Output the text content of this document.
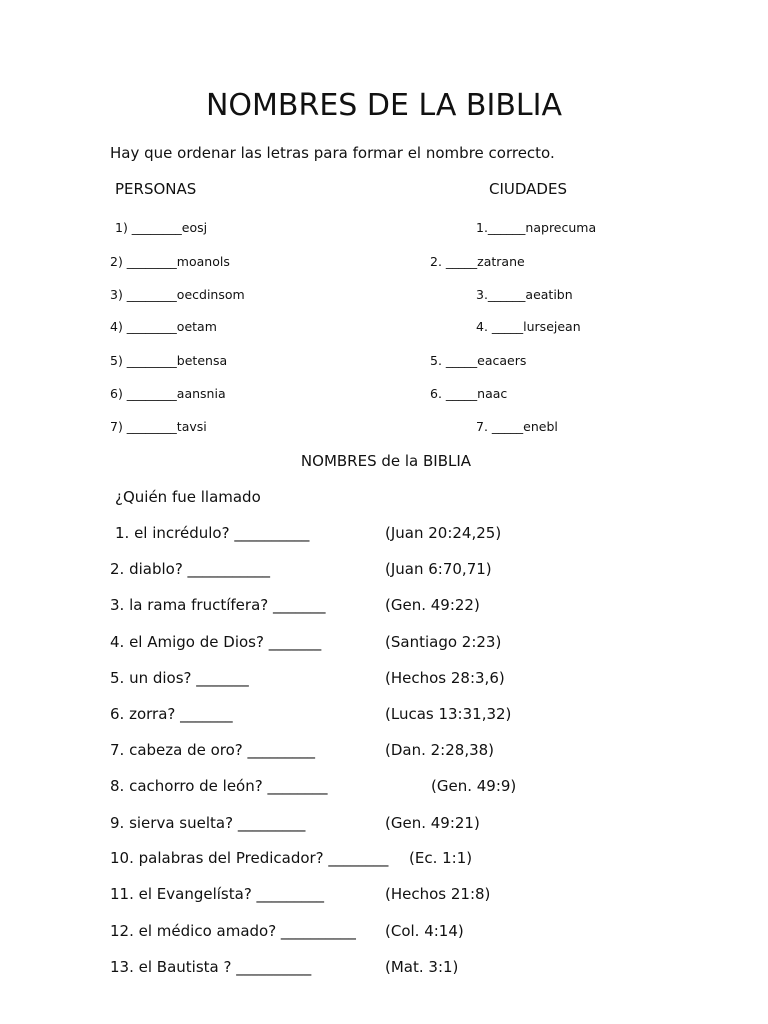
NOMBRES DE LA BIBLIA
Hay que ordenar las letras para formar el nombre correcto.
PERSONAS	CIUDADES
1) ________eosj
2) ________moanols
3) ________oecdinsom
4) ________oetam
5) ________betensa
6) ________aansnia
7) ________tavsi
1.______naprecuma
2. _____zatrane
3.______aeatibn
4. _____lursejean
5. _____eacaers
6. _____naac
7. _____enebl
NOMBRES de la BIBLIA
¿Quién fue llamado
1. el incrédulo? __________	(Juan 20:24,25)
2. diablo? ___________	(Juan 6:70,71)
3. la rama fructífera? _______	(Gen. 49:22)
4. el Amigo de Dios? _______	(Santiago 2:23)
5. un dios? _______	(Hechos 28:3,6)
6. zorra? _______	(Lucas 13:31,32)
7. cabeza de oro? _________	(Dan. 2:28,38)
8. cachorro de león? ________	(Gen. 49:9)
9. sierva suelta? _________	(Gen. 49:21)
10. palabras del Predicador? ________ (Ec. 1:1)
11. el Evangelísta? _________	(Hechos 21:8)
12. el médico amado? __________ (Col. 4:14)
13. el Bautista ? __________	(Mat. 3:1)
